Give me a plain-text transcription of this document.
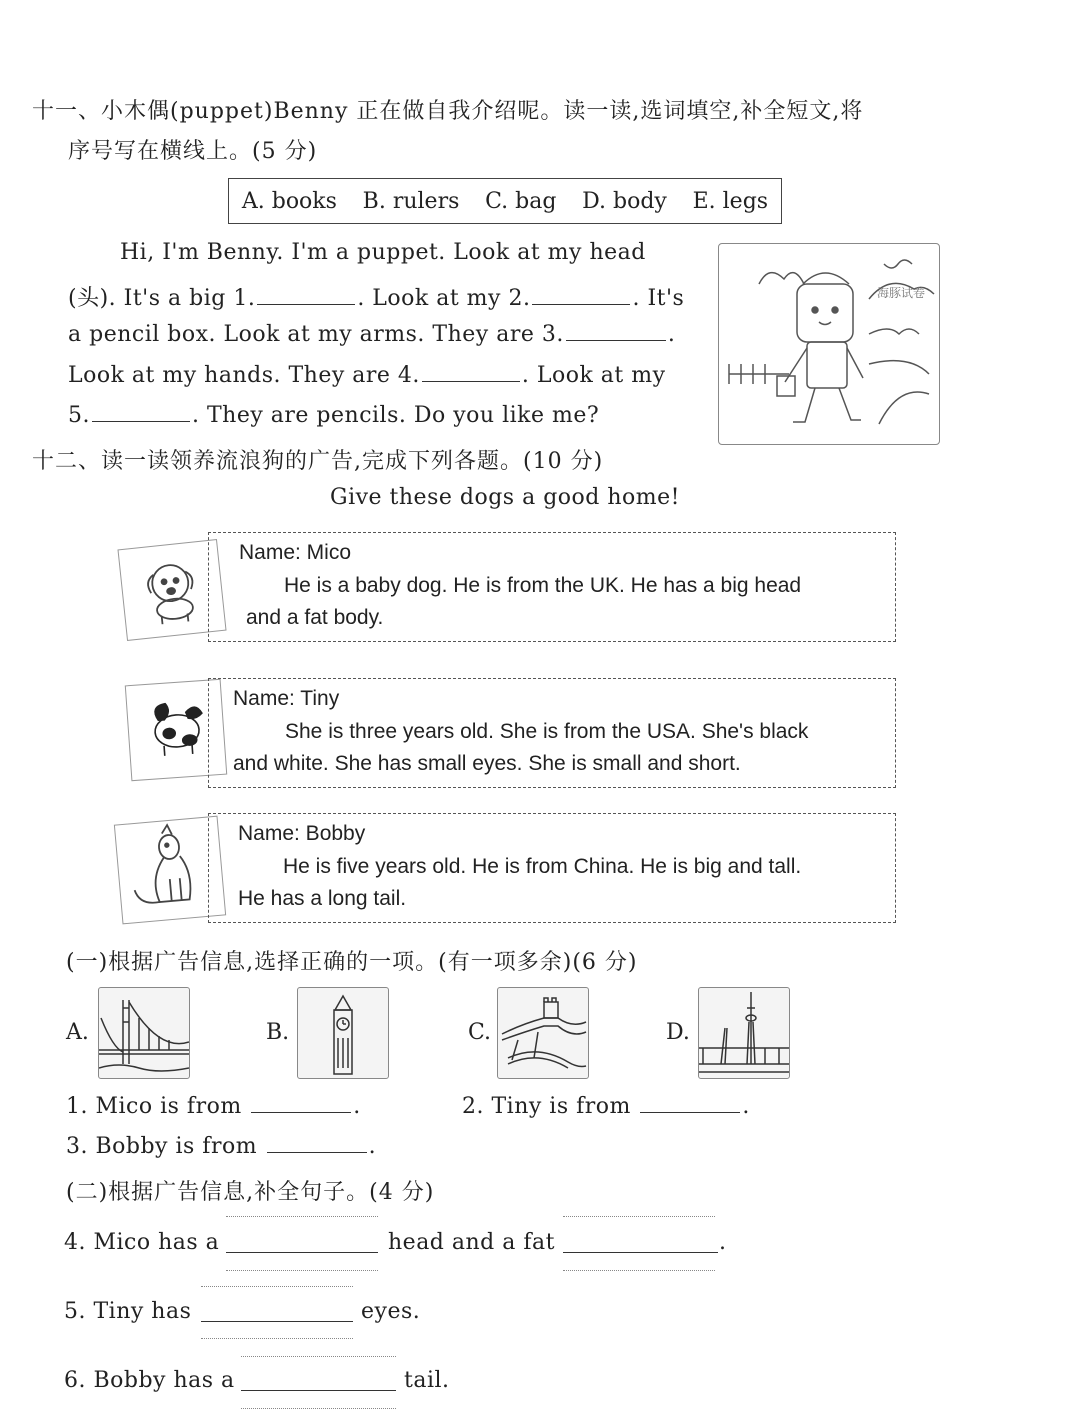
十一、小木偶(puppet)Benny 正在做自我介绍呢。读一读,选词填空,补全短文,将
序号写在横线上。(5 分)
A. books B. rulers C. bag D. body E. legs
Hi, I'm Benny. I'm a puppet. Look at my head
(头). It's a big 1.	. Look at my 2.	. It's
a pencil box. Look at my arms. They are 3.	.
Look at my hands. They are 4.	. Look at my
5.	. They are pencils. Do you like me?
海豚试卷
十二、读一读领养流浪狗的广告,完成下列各题。(10 分)
Give these dogs a good home!
Name: Mico
He is a baby dog. He is from the UK. He has a big head
and a fat body.
Name: Tiny
She is three years old. She is from the USA. She's black
and white. She has small eyes. She is small and short.
Name: Bobby
He is five years old. He is from China. He is big and tall.
He has a long tail.
(一)根据广告信息,选择正确的一项。(有一项多余)(6 分)
A.	B.	C.	D.
1. Mico is from	.	2. Tiny is from	.
3. Bobby is from	.
(二)根据广告信息,补全句子。(4 分)
4. Mico has a	head and a fat	.
5. Tiny has	eyes.
6. Bobby has a	tail.
